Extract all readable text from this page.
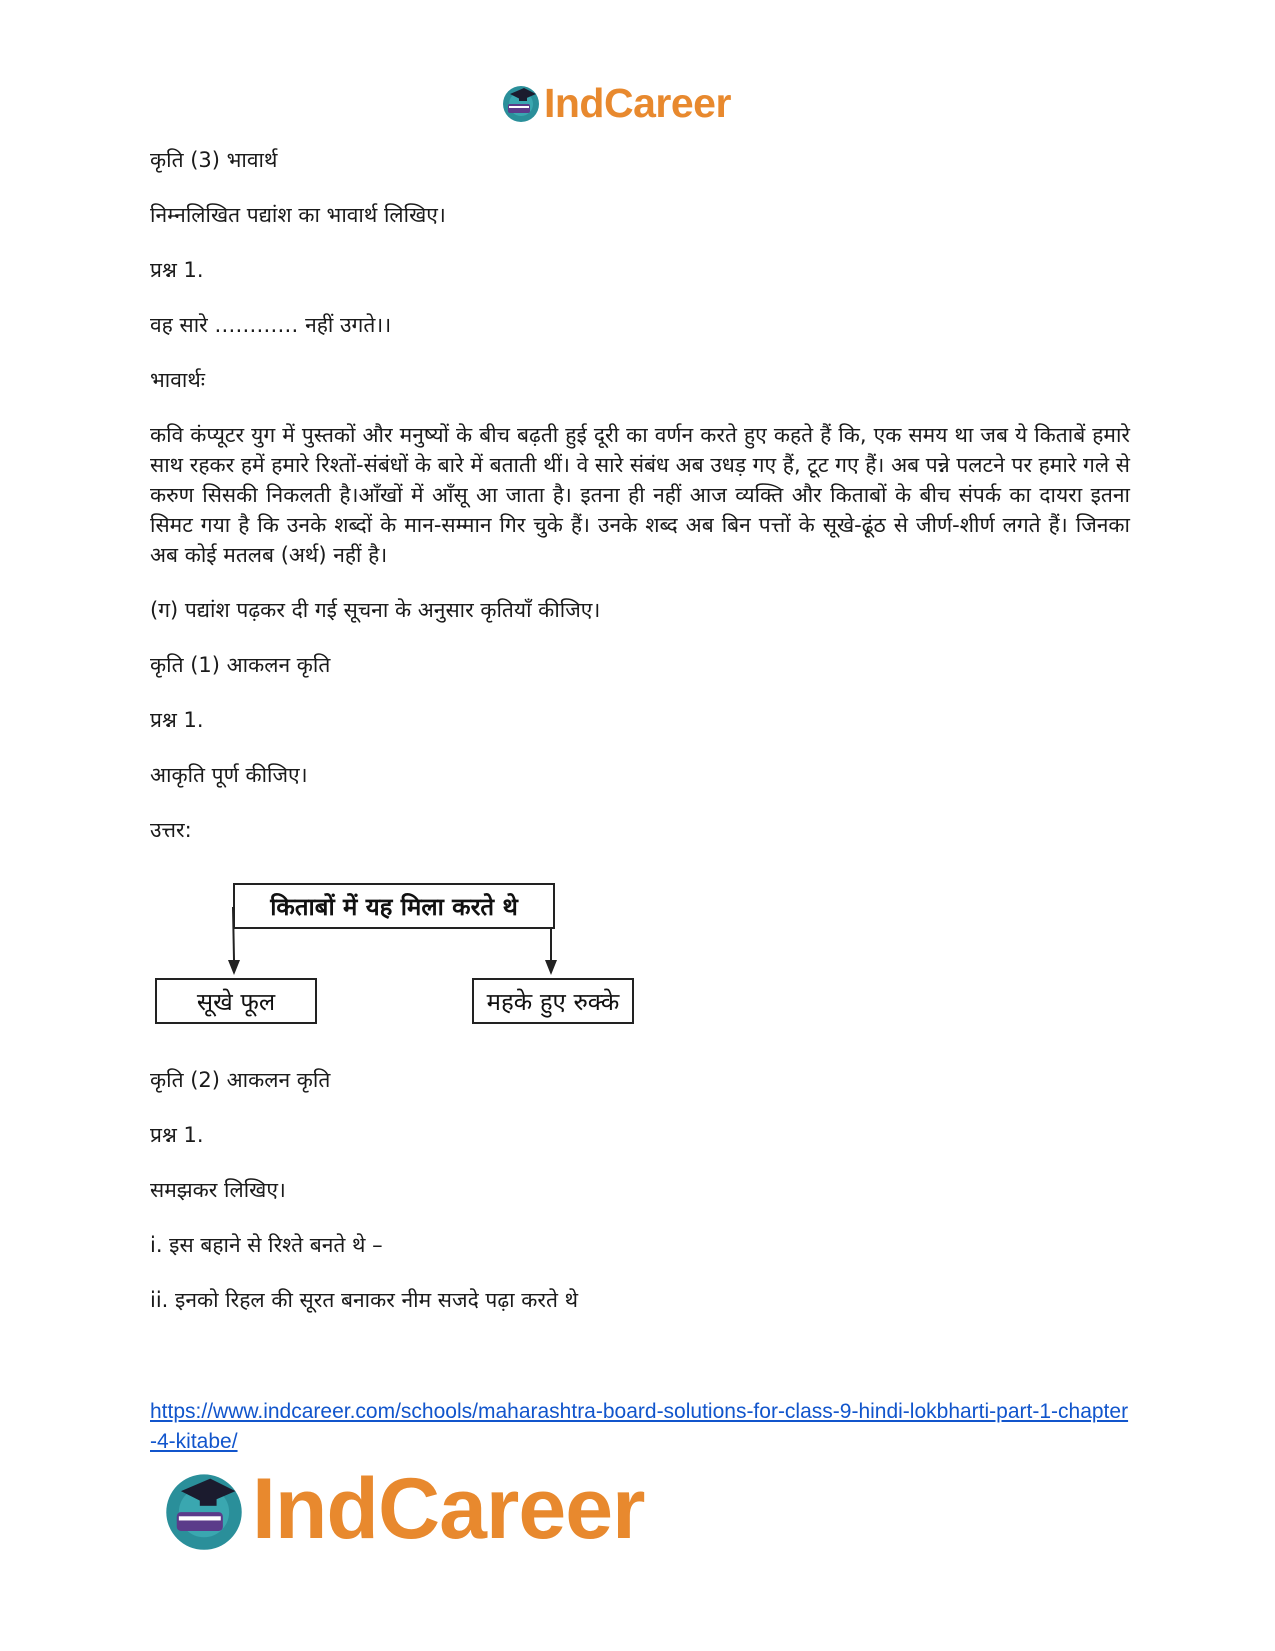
IndCareer

कृति (3) भावार्थ

निम्नलिखित पद्यांश का भावार्थ लिखिए।

प्रश्न 1.

वह सारे ………… नहीं उगते।।

भावार्थः

कवि कंप्यूटर युग में पुस्तकों और मनुष्यों के बीच बढ़ती हुई दूरी का वर्णन करते हुए कहते हैं कि, एक समय था जब ये किताबें हमारे साथ रहकर हमें हमारे रिश्तों-संबंधों के बारे में बताती थीं। वे सारे संबंध अब उधड़ गए हैं, टूट गए हैं। अब पन्ने पलटने पर हमारे गले से करुण सिसकी निकलती है।आँखों में आँसू आ जाता है। इतना ही नहीं आज व्यक्ति और किताबों के बीच संपर्क का दायरा इतना सिमट गया है कि उनके शब्दों के मान-सम्मान गिर चुके हैं। उनके शब्द अब बिन पत्तों के सूखे-ढूंठ से जीर्ण-शीर्ण लगते हैं। जिनका अब कोई मतलब (अर्थ) नहीं है।

(ग) पद्यांश पढ़कर दी गई सूचना के अनुसार कृतियाँ कीजिए।

कृति (1) आकलन कृति

प्रश्न 1.

आकृति पूर्ण कीजिए।

उत्तर:

किताबों में यह मिला करते थे
सूखे फूल	महके हुए रुक्के

कृति (2) आकलन कृति

प्रश्न 1.

समझकर लिखिए।

i. इस बहाने से रिश्ते बनते थे –

ii. इनको रिहल की सूरत बनाकर नीम सजदे पढ़ा करते थे

https://www.indcareer.com/schools/maharashtra-board-solutions-for-class-9-hindi-lokbharti-part-1-chapter-4-kitabe/
IndCareer
